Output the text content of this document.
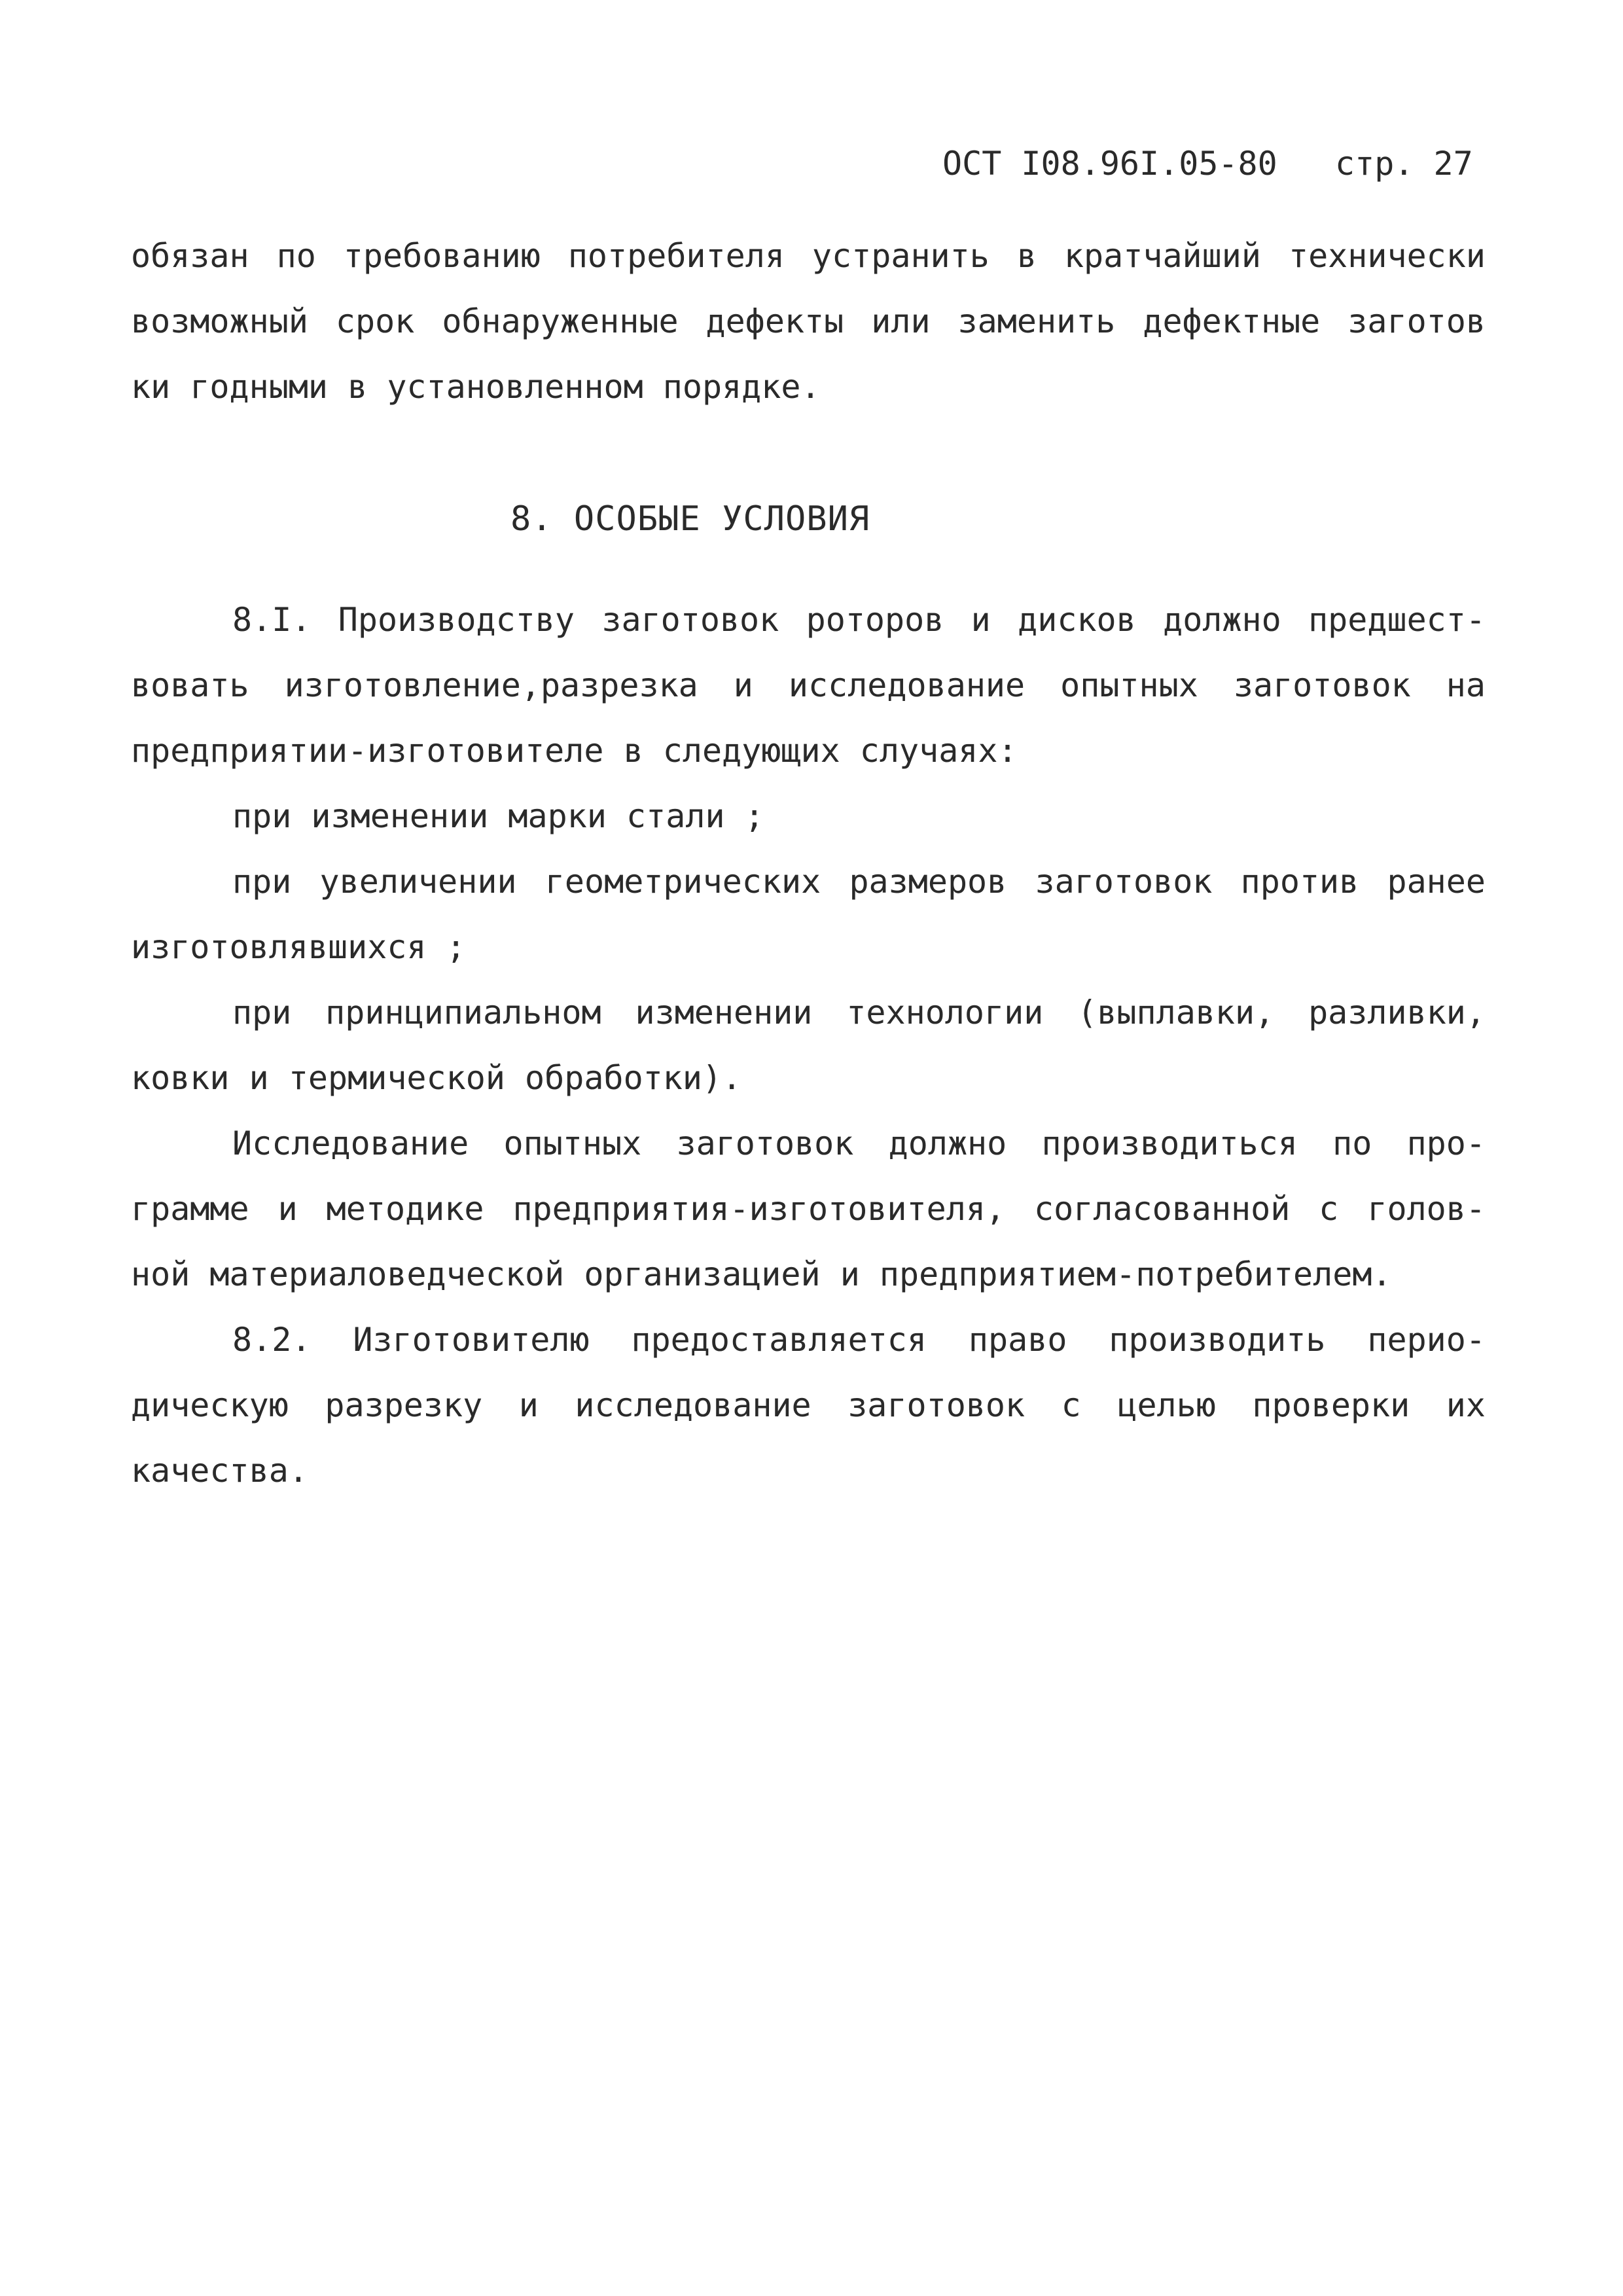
ОСТ I08.96I.05-80 стр. 27
обязан по требованию потребителя устранить в кратчайший технически
возможный срок обнаруженные дефекты или заменить дефектные заготов
ки годными в установленном порядке.
8. ОСОБЫЕ УСЛОВИЯ
8.I. Производству заготовок роторов и дисков должно предшест-
вовать изготовление,разрезка и исследование опытных заготовок на
предприятии-изготовителе в следующих случаях:
при изменении марки стали ;
при увеличении геометрических размеров заготовок против ранее
изготовлявшихся ;
при принципиальном изменении технологии (выплавки, разливки,
ковки и термической обработки).
Исследование опытных заготовок должно производиться по про-
грамме и методике предприятия-изготовителя, согласованной с голов-
ной материаловедческой организацией и предприятием-потребителем.
8.2. Изготовителю предоставляется право производить перио-
дическую разрезку и исследование заготовок с целью проверки их
качества.
